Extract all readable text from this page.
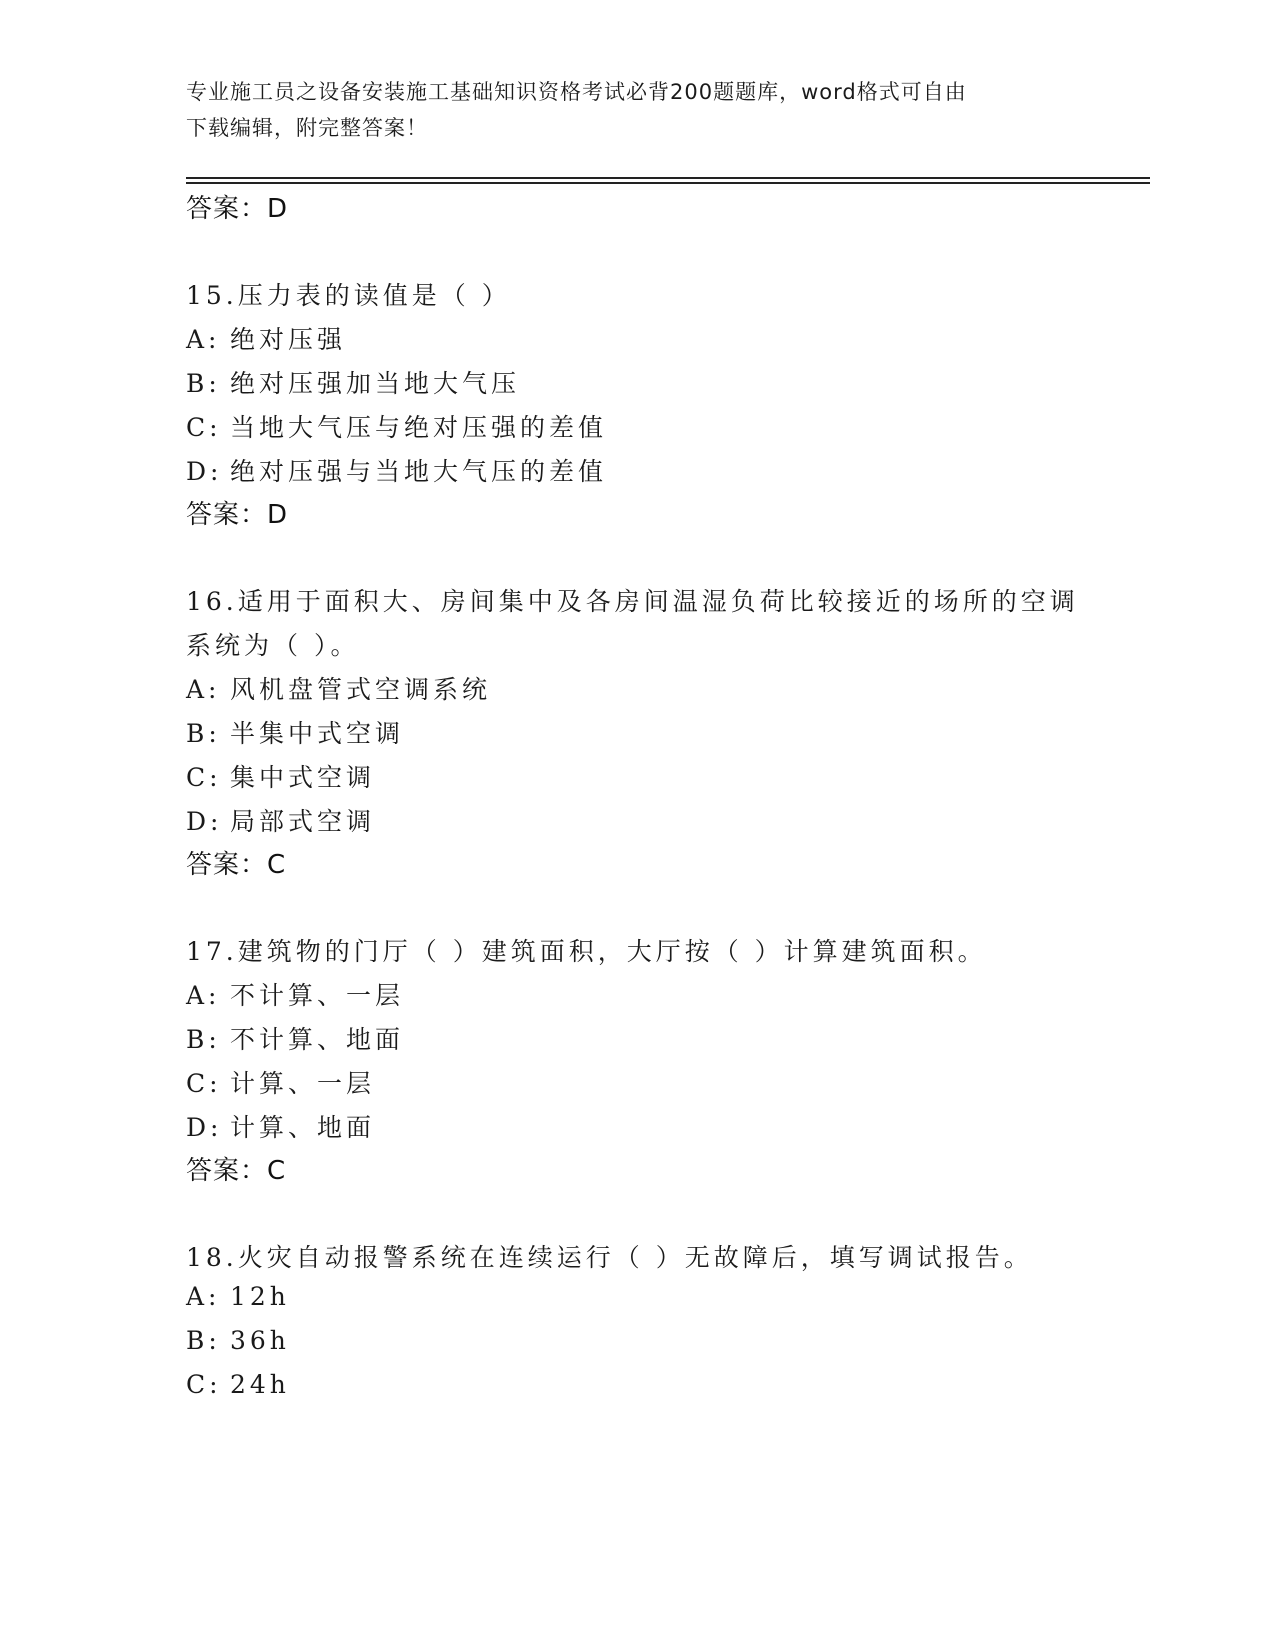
专业施工员之设备安装施工基础知识资格考试必背200题题库，word格式可自由
下载编辑，附完整答案！
答案：D
15.压力表的读值是（ ）
A: 绝对压强
B: 绝对压强加当地大气压
C: 当地大气压与绝对压强的差值
D: 绝对压强与当地大气压的差值
答案：D
16.适用于面积大、房间集中及各房间温湿负荷比较接近的场所的空调
系统为（ ）。
A: 风机盘管式空调系统
B: 半集中式空调
C: 集中式空调
D: 局部式空调
答案：C
17.建筑物的门厅（ ）建筑面积，大厅按（ ）计算建筑面积。
A: 不计算、一层
B: 不计算、地面
C: 计算、一层
D: 计算、地面
答案：C
18.火灾自动报警系统在连续运行（ ）无故障后，填写调试报告。
A: 12h
B: 36h
C: 24h
